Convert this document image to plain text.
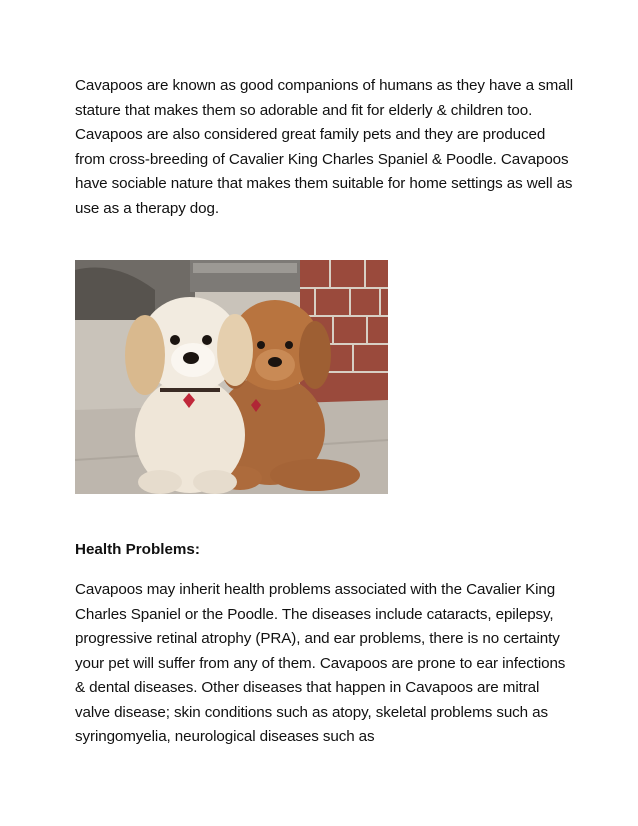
Cavapoos are known as good companions of humans as they have a small stature that makes them so adorable and fit for elderly & children too. Cavapoos are also considered great family pets and they are produced from cross-breeding of Cavalier King Charles Spaniel & Poodle. Cavapoos have sociable nature that makes them suitable for home settings as well as use as a therapy dog.

Health Problems:

Cavapoos may inherit health problems associated with the Cavalier King Charles Spaniel or the Poodle. The diseases include cataracts, epilepsy, progressive retinal atrophy (PRA), and ear problems, there is no certainty your pet will suffer from any of them. Cavapoos are prone to ear infections & dental diseases. Other diseases that happen in Cavapoos are mitral valve disease; skin conditions such as atopy, skeletal problems such as syringomyelia, neurological diseases such as
